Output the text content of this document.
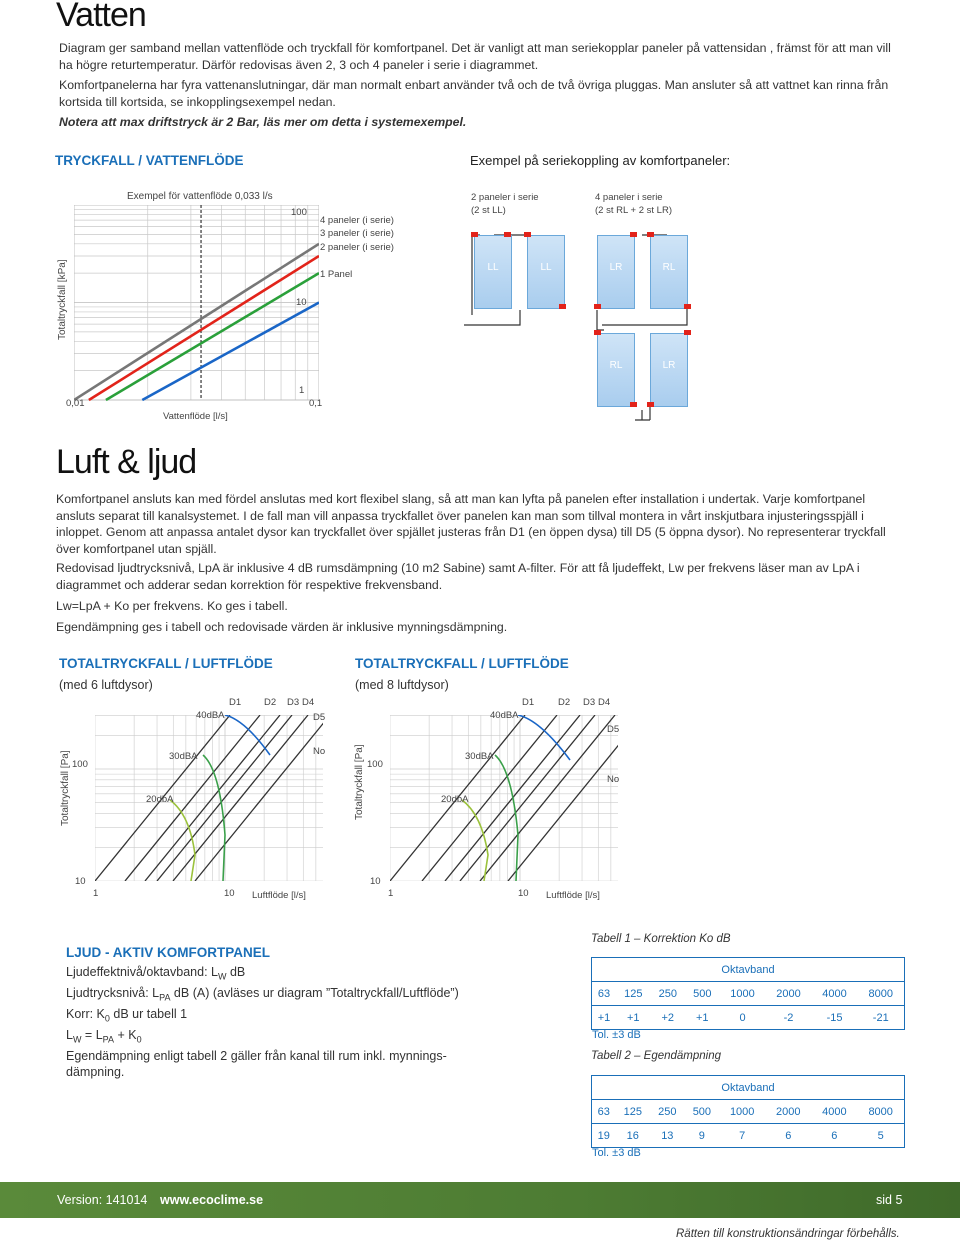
Vatten
Diagram ger samband mellan vattenflöde och tryckfall för komfortpanel. Det är vanligt att man seriekopplar paneler på vattensidan , främst för att man vill ha högre returtemperatur. Därför redovisas även 2, 3 och 4 paneler i serie i diagrammet.
Komfortpanelerna har fyra vattenanslutningar, där man normalt enbart använder två och de två övriga pluggas. Man ansluter så att vattnet kan rinna från kortsida till kortsida, se inkopplingsexempel nedan.
Notera att max driftstryck är 2 Bar, läs mer om detta i systemexempel.
TRYCKFALL / VATTENFLÖDE
Exempel för vattenflöde 0,033 l/s
Totaltryckfall [kPa]
100
10
1
0,01	0,1
Vattenflöde [l/s]
4 paneler (i serie)
3 paneler (i serie)
2 paneler (i serie)
1 Panel
Exempel på seriekoppling av komfortpaneler:
2 paneler i serie
(2 st LL)
4 paneler i serie
(2 st RL + 2 st LR)
LL	LL	LR	RL
RL	LR
Luft & ljud
Komfortpanel ansluts kan med fördel anslutas med kort flexibel slang, så att man kan lyfta på panelen efter installation i undertak. Varje komfortpanel ansluts separat till kanalsystemet. I de fall man vill anpassa tryckfallet över panelen kan man som tillval montera in vårt inskjutbara injusteringsspjäll i inloppet. Genom att anpassa antalet dysor kan tryckfallet över spjället justeras från D1 (en öppen dysa) till D5 (5 öppna dysor). No representerar tryckfall över komfortpanel utan spjäll.
Redovisad ljudtrycksnivå, LpA är inklusive 4 dB rumsdämpning (10 m2 Sabine) samt A-filter. För att få ljudeffekt, Lw per frekvens läser man av LpA i diagrammet och adderar sedan korrektion för respektive frekvensband.
Lw=LpA + Ko per frekvens. Ko ges i tabell.
Egendämpning ges i tabell och redovisade värden är inklusive mynningsdämpning.
TOTALTRYCKFALL / LUFTFLÖDE
(med 6 luftdysor)
Totaltryckfall [Pa] 100
10
1	10 Luftflöde [l/s]
D1 D2 D3 D4
D5
No
40dBA
30dBA
20dbA
TOTALTRYCKFALL / LUFTFLÖDE
(med 8 luftdysor)
Totaltryckfall [Pa] 100
10
1	10 Luftflöde [l/s]
D1	D2 D3 D4
D5
No
40dBA
30dBA
20dbA
LJUD - AKTIV KOMFORTPANEL
Ljudeffektnivå/oktavband: $L_W$ dB
Ljudtrycksnivå: $L_{PA}$ dB (A) (avläses ur diagram ”Totaltryckfall/Luftflöde”)
Korr: $K_0$ dB ur tabell 1
$L_W = L_{PA} + K_0$
Egendämpning enligt tabell 2 gäller från kanal till rum inkl. mynnings-dämpning.
Tabell 1 – Korrektion Ko dB
Oktavband							
63	125	250	500	1000	2000	4000	8000
+1	+1	+2	+1	0	-2	-15	-21
Tol. ±3 dB
Tabell 2 – Egendämpning
Oktavband							
63	125	250	500	1000	2000	4000	8000
19	16	13	9	7	6	6	5
Tol. ±3 dB
Version: 141014 www.ecoclime.se	sid 5
Rätten till konstruktionsändringar förbehålls.
